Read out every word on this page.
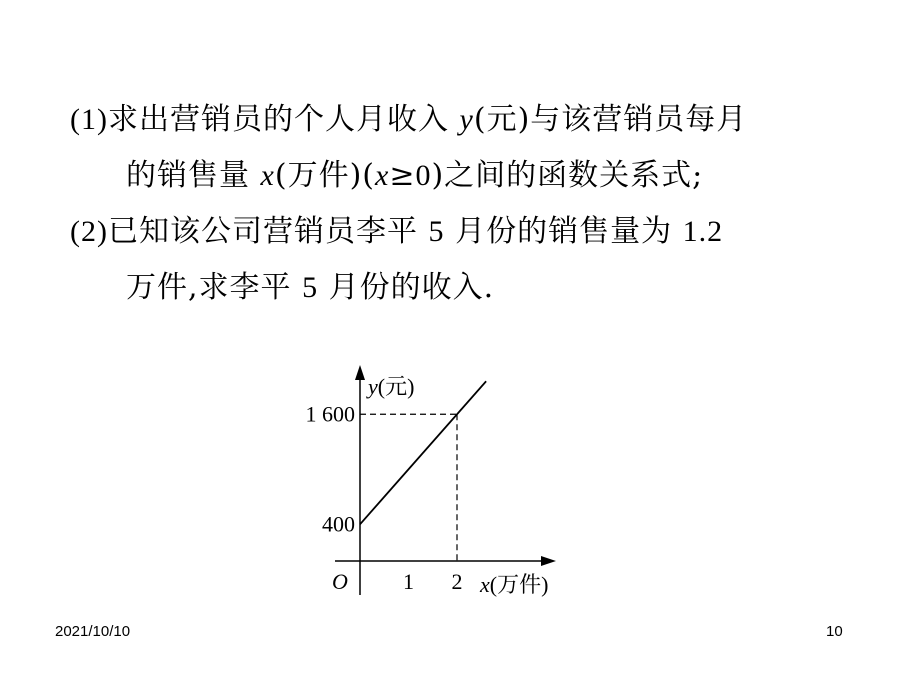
(1)求出营销员的个人月收入 y(元)与该营销员每月
的销售量 x(万件)(x≥0)之间的函数关系式;
(2)已知该公司营销员李平 5 月份的销售量为 1.2
万件,求李平 5 月份的收入.
y(元)
1 600
400
O	1 2 x(万件)
2021/10/10	10
